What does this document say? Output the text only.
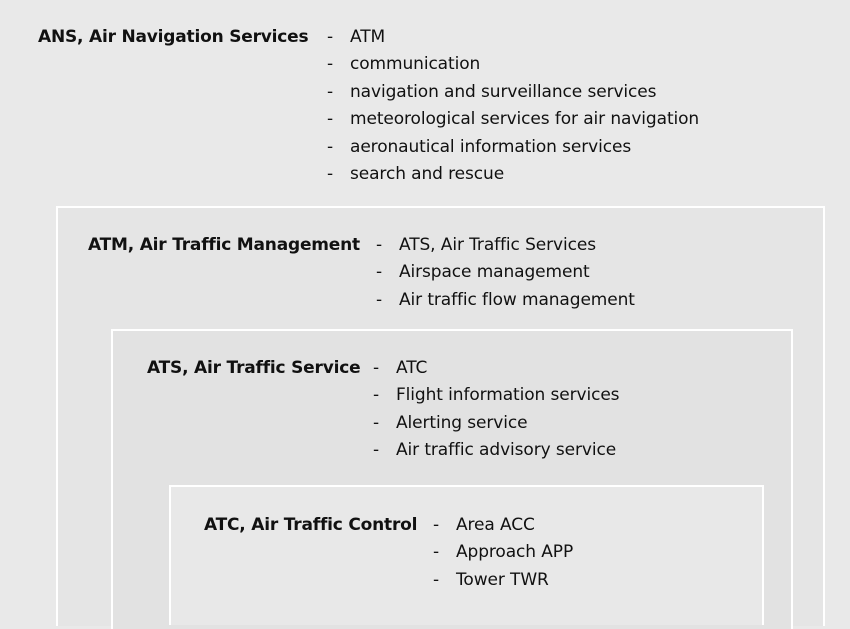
ANS, Air Navigation Services	- ATM
- communication
- navigation and surveillance services
- meteorological services for air navigation
- aeronautical information services
- search and rescue
ATM, Air Traffic Management	- ATS, Air Traffic Services
- Airspace management
- Air traffic flow management
ATS, Air Traffic Service	- ATC
- Flight information services
- Alerting service
- Air traffic advisory service
ATC, Air Traffic Control	- Area ACC
- Approach APP
- Tower TWR
